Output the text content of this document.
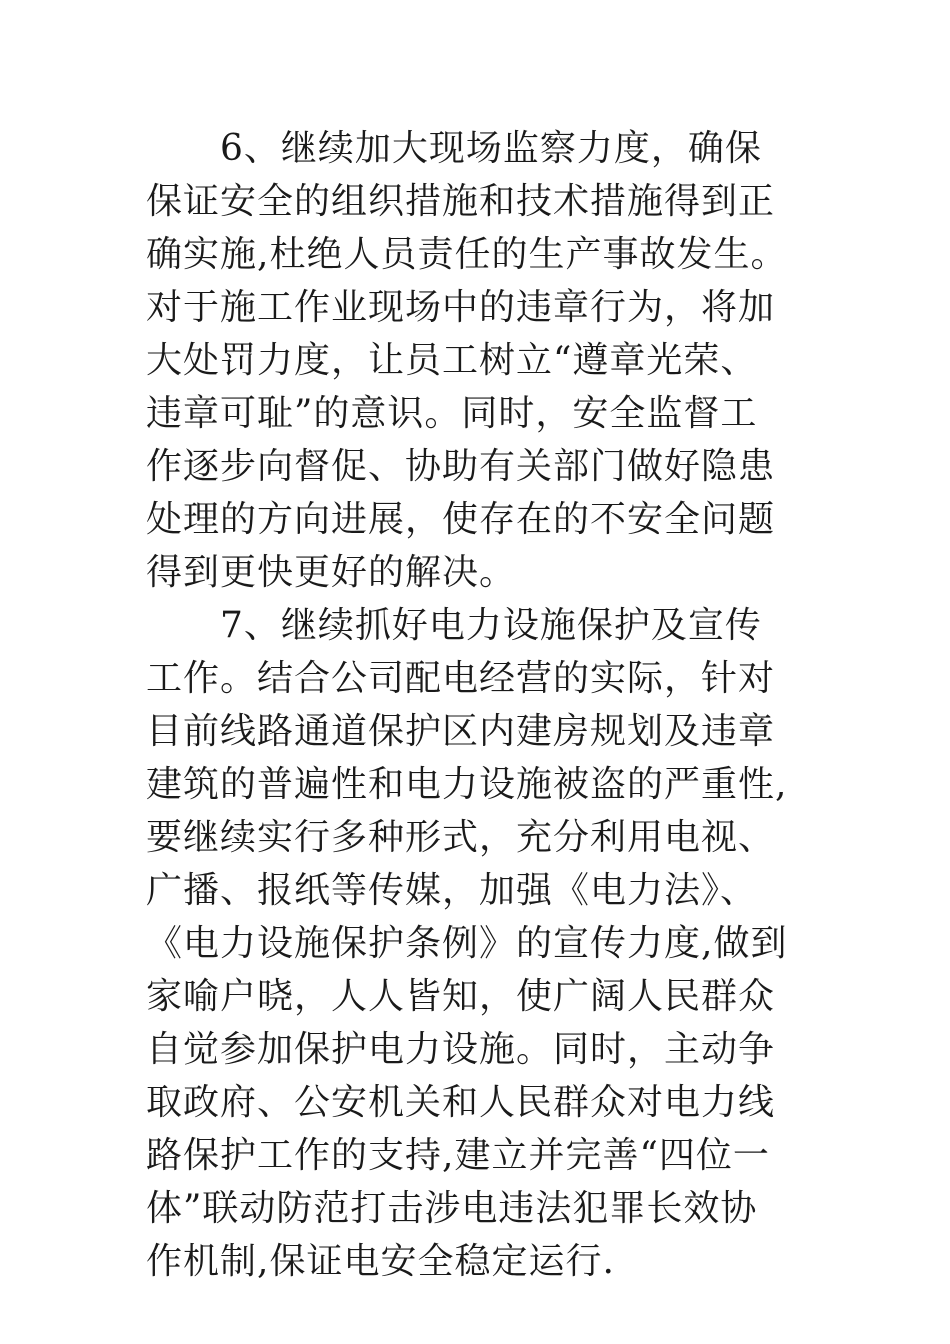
6、继续加大现场监察力度，确保
保证安全的组织措施和技术措施得到正
确实施,杜绝人员责任的生产事故发生。
对于施工作业现场中的违章行为，将加
大处罚力度，让员工树立“遵章光荣、
违章可耻”的意识。同时，安全监督工
作逐步向督促、协助有关部门做好隐患
处理的方向进展，使存在的不安全问题
得到更快更好的解决。
7、继续抓好电力设施保护及宣传
工作。结合公司配电经营的实际，针对
目前线路通道保护区内建房规划及违章
建筑的普遍性和电力设施被盗的严重性,
要继续实行多种形式，充分利用电视、
广播、报纸等传媒，加强《电力法》、
《电力设施保护条例》的宣传力度,做到
家喻户晓，人人皆知，使广阔人民群众
自觉参加保护电力设施。同时，主动争
取政府、公安机关和人民群众对电力线
路保护工作的支持,建立并完善“四位一
体”联动防范打击涉电违法犯罪长效协
作机制,保证电安全稳定运行.
